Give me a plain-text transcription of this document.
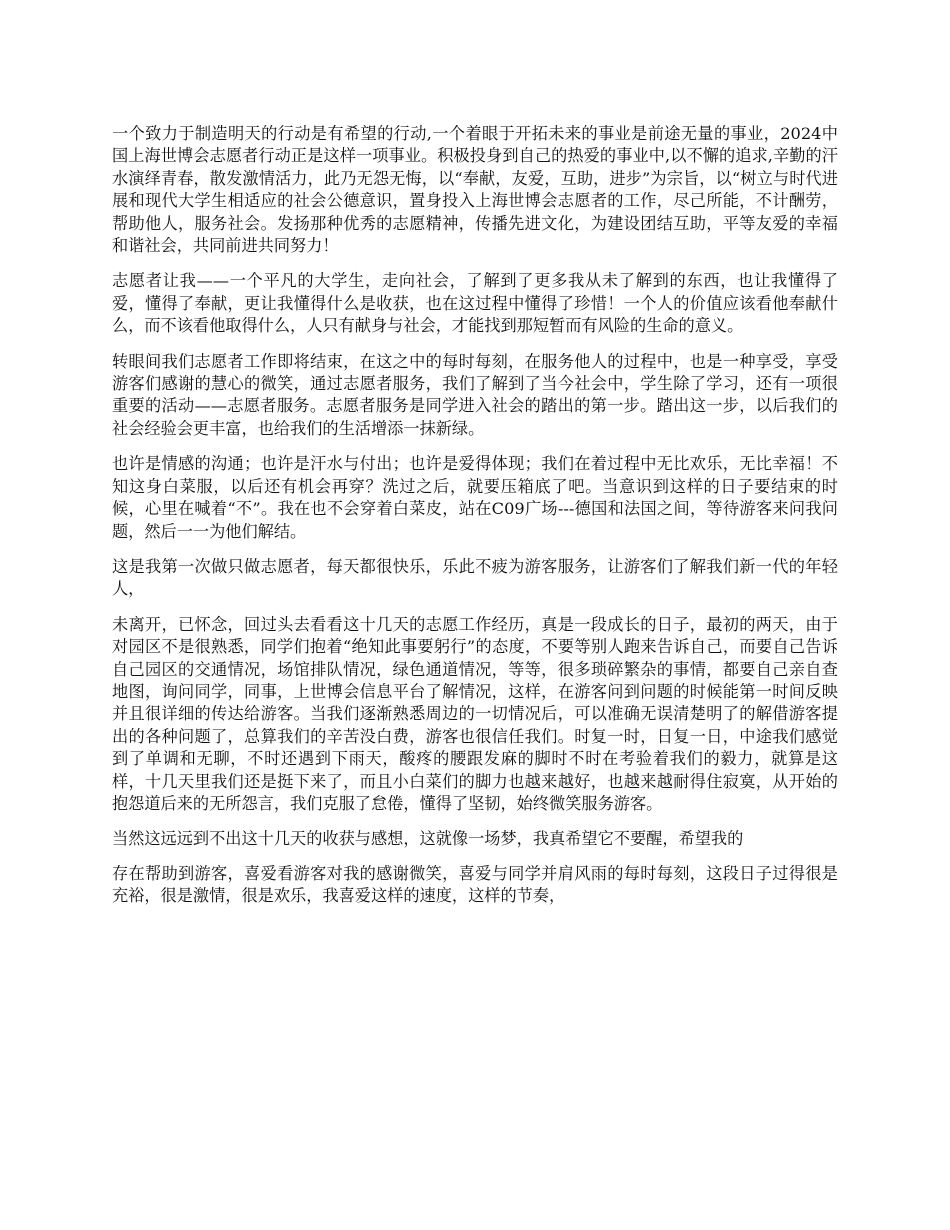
一个致力于制造明天的行动是有希望的行动,一个着眼于开拓未来的事业是前途无量的事业，2024中国上海世博会志愿者行动正是这样一项事业。积极投身到自己的热爱的事业中,以不懈的追求,辛勤的汗水演绎青春，散发激情活力，此乃无怨无悔，以“奉献，友爱，互助，进步”为宗旨，以“树立与时代进展和现代大学生相适应的社会公德意识，置身投入上海世博会志愿者的工作，尽己所能，不计酬劳，帮助他人，服务社会。发扬那种优秀的志愿精神，传播先进文化，为建设团结互助，平等友爱的幸福和谐社会，共同前进共同努力！

志愿者让我——一个平凡的大学生，走向社会，了解到了更多我从未了解到的东西，也让我懂得了爱，懂得了奉献，更让我懂得什么是收获，也在这过程中懂得了珍惜！一个人的价值应该看他奉献什么，而不该看他取得什么，人只有献身与社会，才能找到那短暂而有风险的生命的意义。

转眼间我们志愿者工作即将结束，在这之中的每时每刻，在服务他人的过程中，也是一种享受，享受游客们感谢的慧心的微笑，通过志愿者服务，我们了解到了当今社会中，学生除了学习，还有一项很重要的活动——志愿者服务。志愿者服务是同学进入社会的踏出的第一步。踏出这一步，以后我们的社会经验会更丰富，也给我们的生活增添一抹新绿。

也许是情感的沟通；也许是汗水与付出；也许是爱得体现；我们在着过程中无比欢乐，无比幸福！不知这身白菜服，以后还有机会再穿？洗过之后，就要压箱底了吧。当意识到这样的日子要结束的时候，心里在喊着“不”。我在也不会穿着白菜皮，站在C09广场---德国和法国之间，等待游客来问我问题，然后一一为他们解结。

这是我第一次做只做志愿者，每天都很快乐，乐此不疲为游客服务，让游客们了解我们新一代的年轻人，

未离开，已怀念，回过头去看看这十几天的志愿工作经历，真是一段成长的日子，最初的两天，由于对园区不是很熟悉，同学们抱着“绝知此事要躬行”的态度，不要等别人跑来告诉自己，而要自己告诉自己园区的交通情况，场馆排队情况，绿色通道情况，等等，很多琐碎繁杂的事情，都要自己亲自查地图，询问同学，同事，上世博会信息平台了解情况，这样，在游客问到问题的时候能第一时间反映并且很详细的传达给游客。当我们逐渐熟悉周边的一切情况后，可以准确无误清楚明了的解借游客提出的各种问题了，总算我们的辛苦没白费，游客也很信任我们。时复一时，日复一日，中途我们感觉到了单调和无聊，不时还遇到下雨天，酸疼的腰跟发麻的脚时不时在考验着我们的毅力，就算是这样，十几天里我们还是挺下来了，而且小白菜们的脚力也越来越好，也越来越耐得住寂寞，从开始的抱怨道后来的无所怨言，我们克服了怠倦，懂得了坚韧，始终微笑服务游客。

当然这远远到不出这十几天的收获与感想，这就像一场梦，我真希望它不要醒，希望我的

存在帮助到游客，喜爱看游客对我的感谢微笑，喜爱与同学并肩风雨的每时每刻，这段日子过得很是充裕，很是激情，很是欢乐，我喜爱这样的速度，这样的节奏，
